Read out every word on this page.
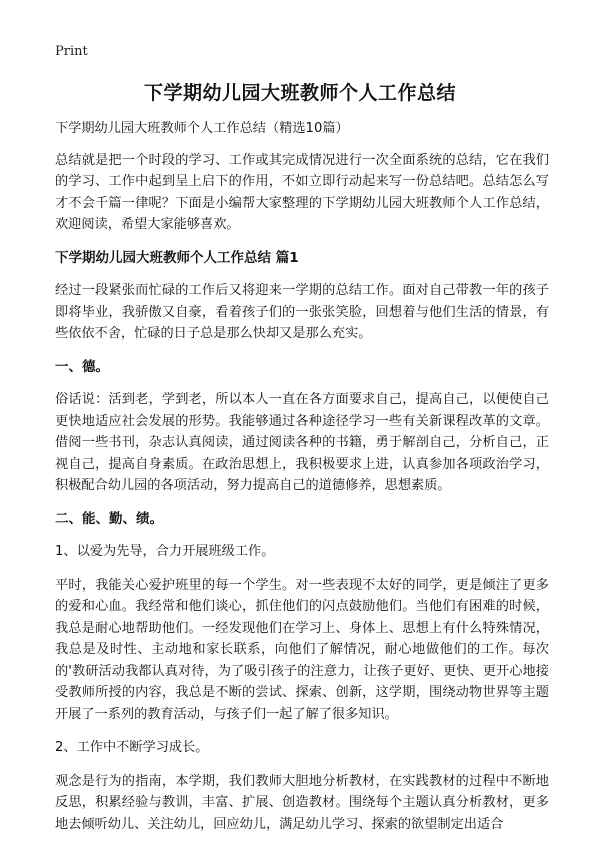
Print
下学期幼儿园大班教师个人工作总结

下学期幼儿园大班教师个人工作总结（精选10篇）

总结就是把一个时段的学习、工作或其完成情况进行一次全面系统的总结，它在我们的学习、工作中起到呈上启下的作用，不如立即行动起来写一份总结吧。总结怎么写才不会千篇一律呢？下面是小编帮大家整理的下学期幼儿园大班教师个人工作总结，欢迎阅读，希望大家能够喜欢。

下学期幼儿园大班教师个人工作总结 篇1

经过一段紧张而忙碌的工作后又将迎来一学期的总结工作。面对自己带教一年的孩子即将毕业，我骄傲又自豪，看着孩子们的一张张笑脸，回想着与他们生活的情景，有些依依不舍，忙碌的日子总是那么快却又是那么充实。

一、德。

俗话说：活到老，学到老，所以本人一直在各方面要求自己，提高自己，以便使自己更快地适应社会发展的形势。我能够通过各种途径学习一些有关新课程改革的文章。借阅一些书刊，杂志认真阅读，通过阅读各种的书籍，勇于解剖自己，分析自己，正视自己，提高自身素质。在政治思想上，我积极要求上进，认真参加各项政治学习，积极配合幼儿园的各项活动，努力提高自己的道德修养，思想素质。

二、能、勤、绩。

1、以爱为先导，合力开展班级工作。

平时，我能关心爱护班里的每一个学生。对一些表现不太好的同学，更是倾注了更多的爱和心血。我经常和他们谈心，抓住他们的闪点鼓励他们。当他们有困难的时候，我总是耐心地帮助他们。一经发现他们在学习上、身体上、思想上有什么特殊情况，我总是及时性、主动地和家长联系，向他们了解情况，耐心地做他们的工作。每次的'教研活动我都认真对待，为了吸引孩子的注意力，让孩子更好、更快、更开心地接受教师所授的内容，我总是不断的尝试、探索、创新，这学期，围绕动物世界等主题开展了一系列的教育活动，与孩子们一起了解了很多知识。

2、工作中不断学习成长。

观念是行为的指南，本学期，我们教师大胆地分析教材，在实践教材的过程中不断地反思，积累经验与教训，丰富、扩展、创造教材。围绕每个主题认真分析教材，更多地去倾听幼儿、关注幼儿，回应幼儿，满足幼儿学习、探索的欲望制定出适合
